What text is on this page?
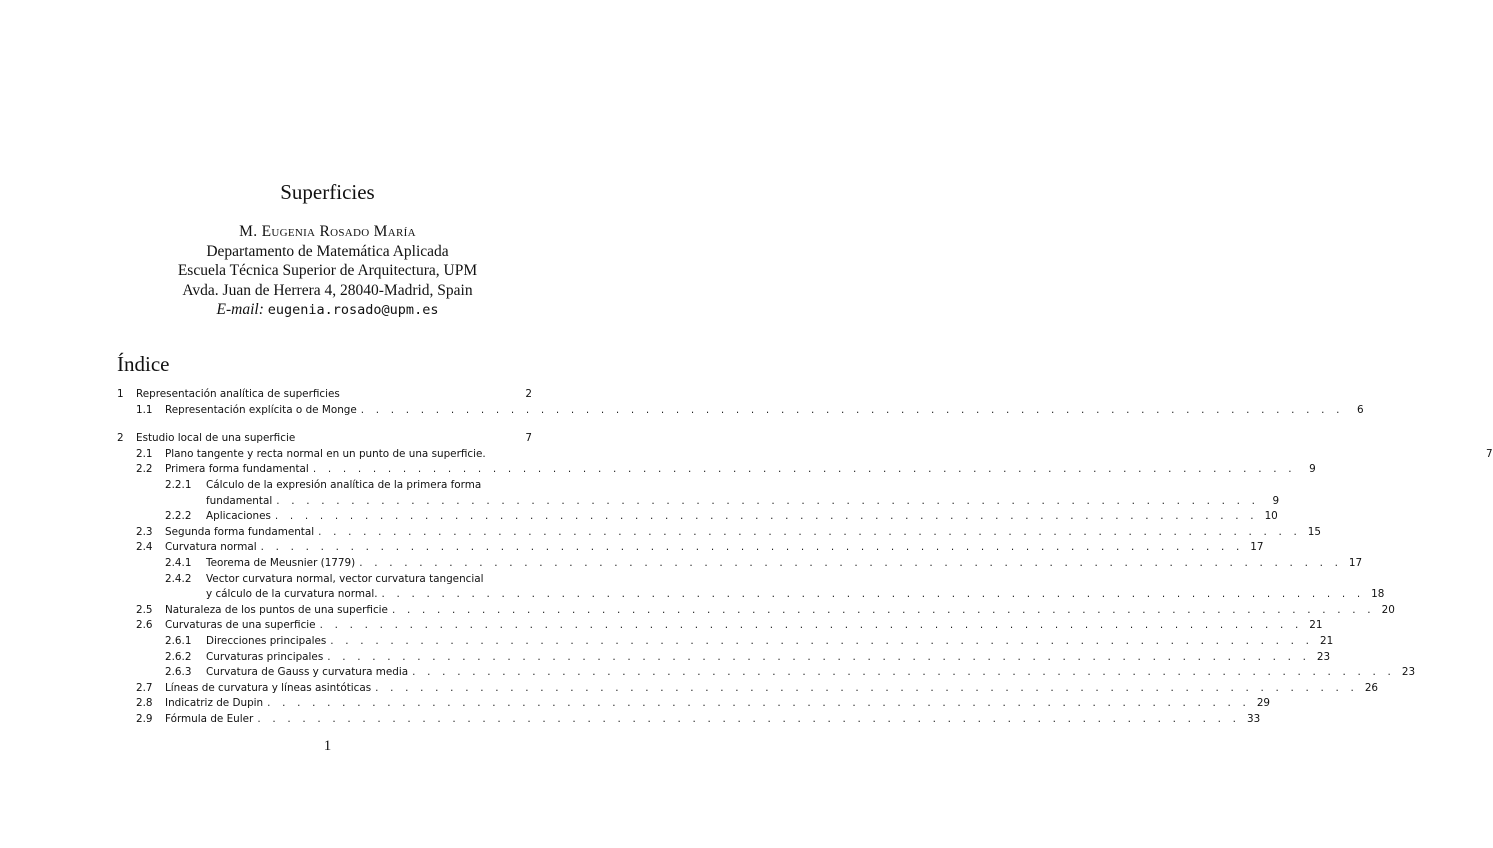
Superficies
M. Eugenia Rosado María
Departamento de Matemática Aplicada
Escuela Técnica Superior de Arquitectura, UPM
Avda. Juan de Herrera 4, 28040-Madrid, Spain
E-mail: eugenia.rosado@upm.es
Índice
1	Representación analítica de superficies	2
1.1	Representación explícita o de Monge . . .	6
2	Estudio local de una superficie	7
2.1	Plano tangente y recta normal en un punto de una superficie.	7
2.2	Primera forma fundamental . . .	9
2.2.1	Cálculo de la expresión analítica de la primera forma
fundamental . . .	9
2.2.2	Aplicaciones . . .	10
2.3	Segunda forma fundamental . . .	15
2.4	Curvatura normal . . .	17
2.4.1	Teorema de Meusnier (1779) . . .	17
2.4.2	Vector curvatura normal, vector curvatura tangencial
y cálculo de la curvatura normal. . . .	18
2.5	Naturaleza de los puntos de una superficie . . .	20
2.6	Curvaturas de una superficie . . .	21
2.6.1	Direcciones principales . . .	21
2.6.2	Curvaturas principales . . .	23
2.6.3	Curvatura de Gauss y curvatura media . . .	23
2.7	Líneas de curvatura y líneas asintóticas . . .	26
2.8	Indicatriz de Dupin . . .	29
2.9	Fórmula de Euler . . .	33
1
